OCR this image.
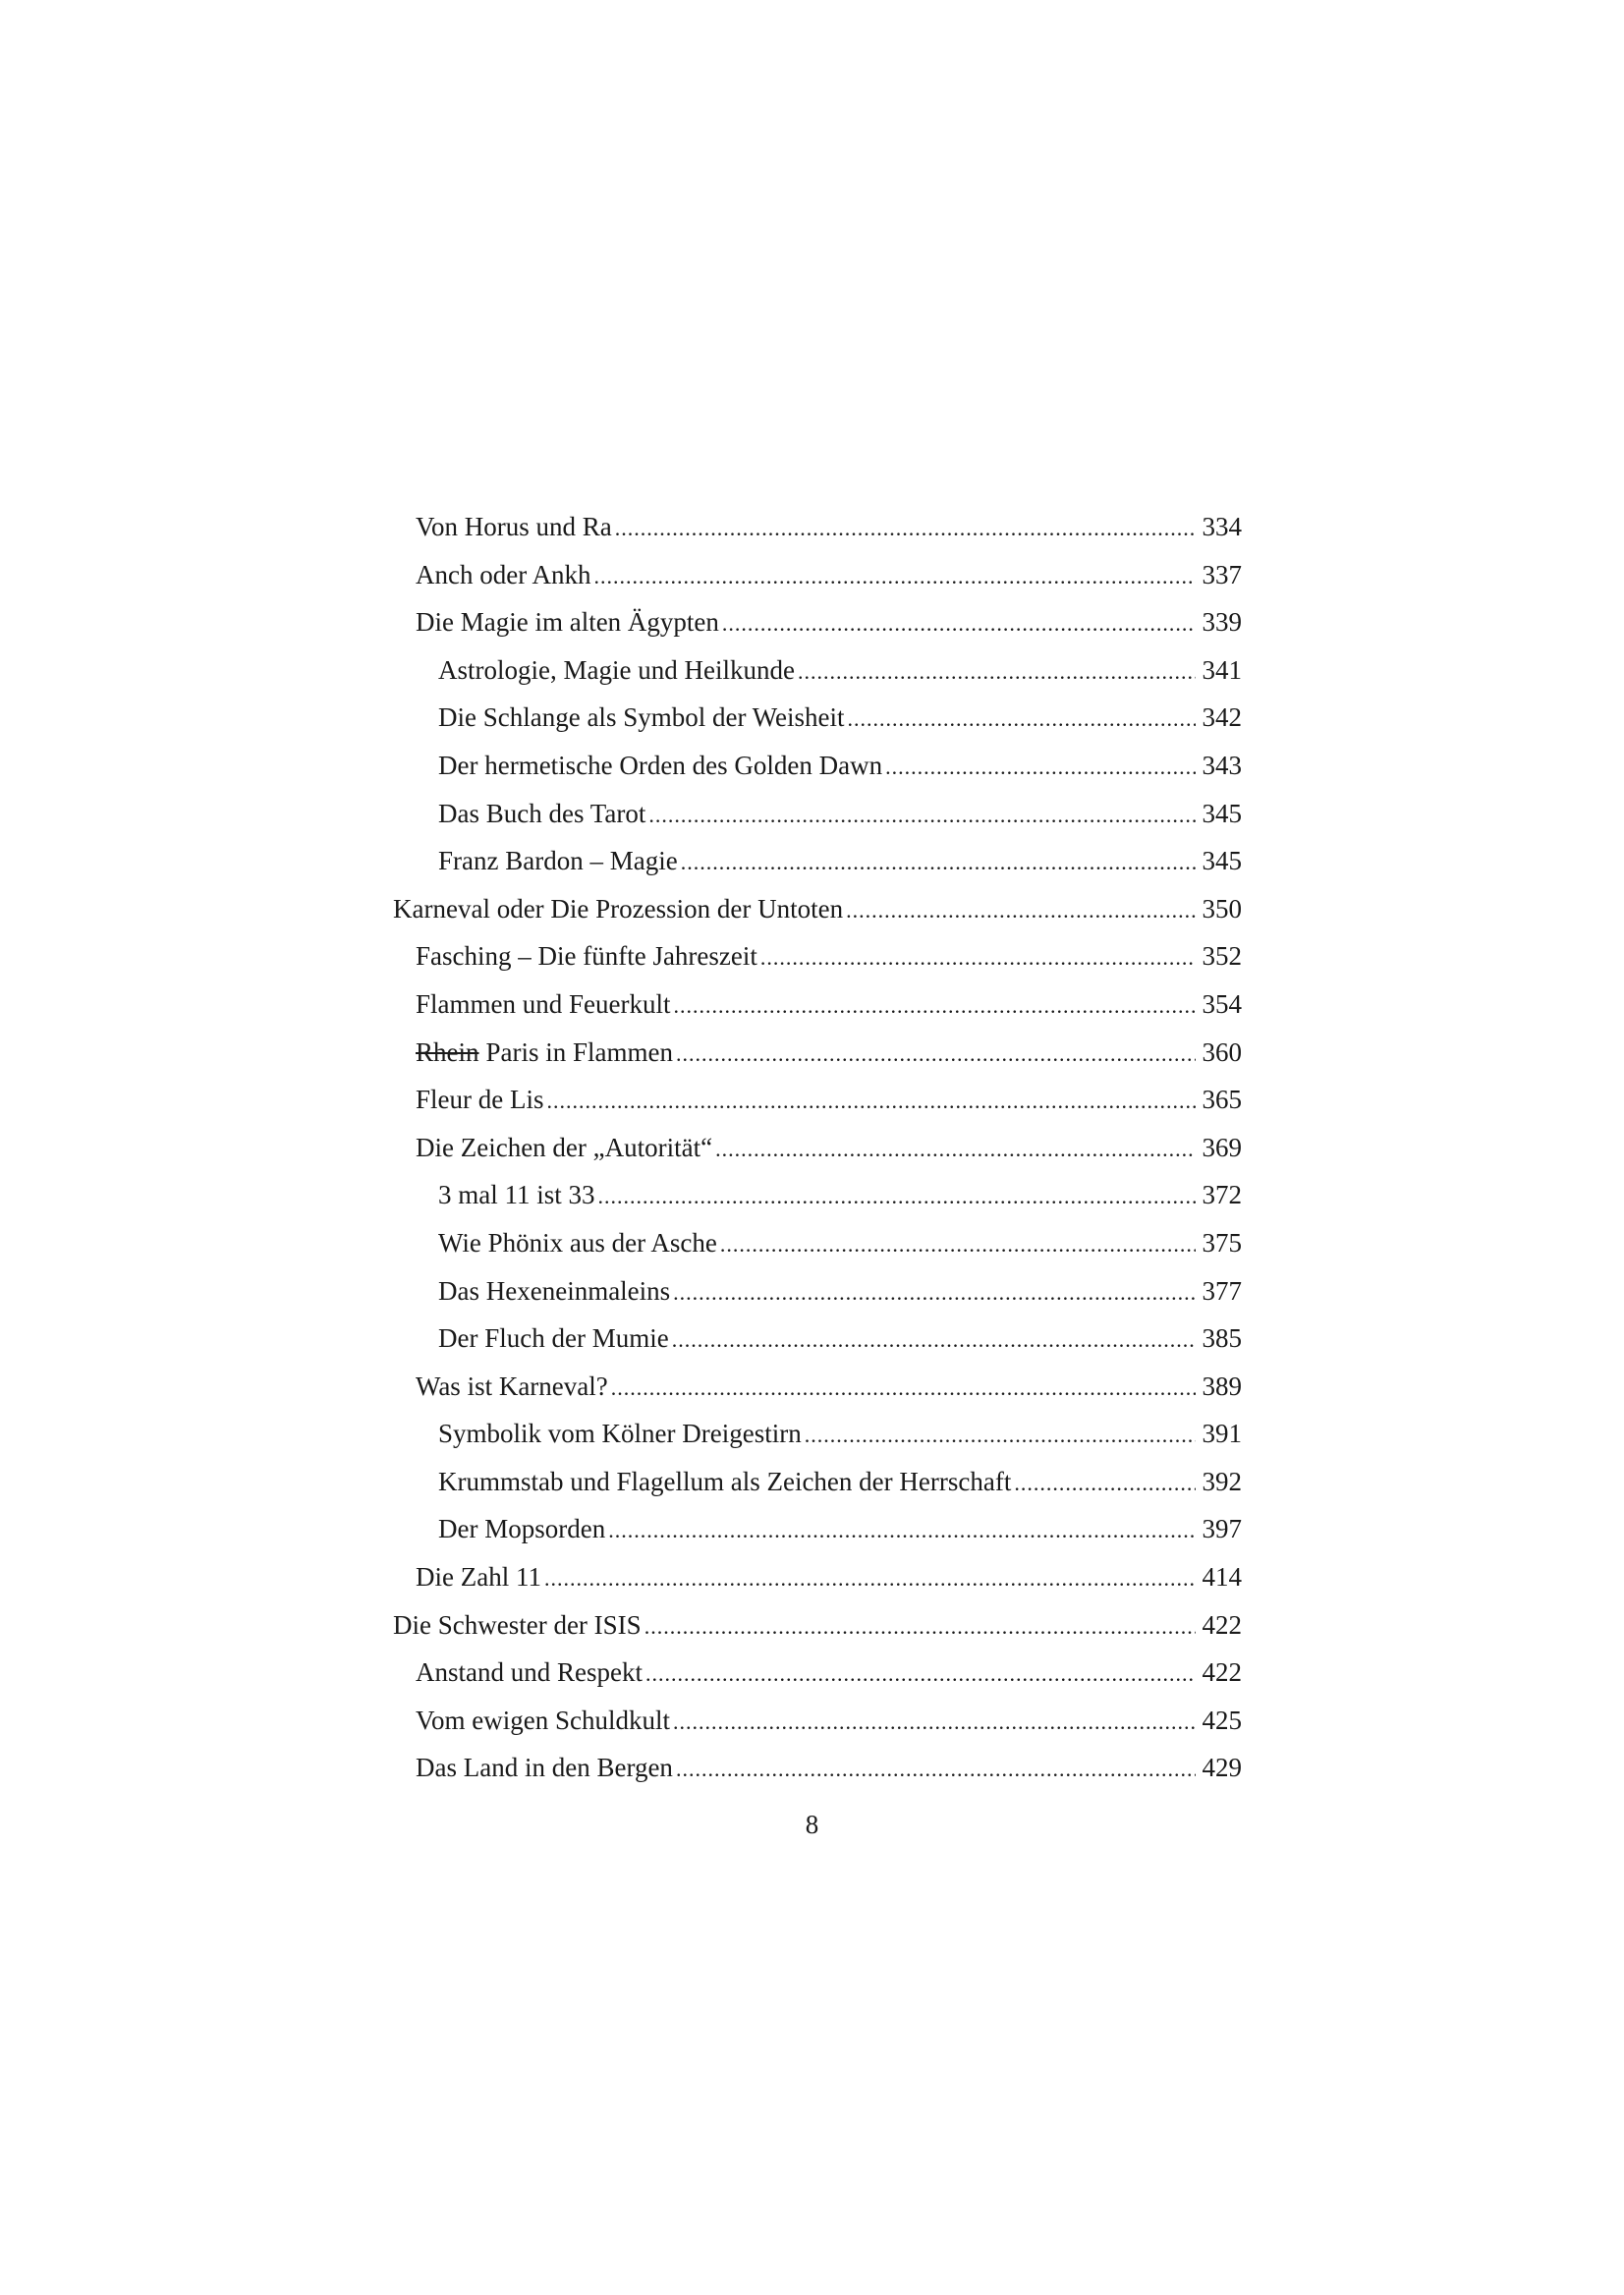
Von Horus und Ra .....	334
Anch oder Ankh .....	337
Die Magie im alten Ägypten .....	339
Astrologie, Magie und Heilkunde .....	341
Die Schlange als Symbol der Weisheit .....	342
Der hermetische Orden des Golden Dawn .....	343
Das Buch des Tarot .....	345
Franz Bardon – Magie .....	345
Karneval oder Die Prozession der Untoten .....	350
Fasching – Die fünfte Jahreszeit .....	352
Flammen und Feuerkult .....	354
Rhein Paris in Flammen .....	360
Fleur de Lis .....	365
Die Zeichen der „Autorität“ .....	369
3 mal 11 ist 33 .....	372
Wie Phönix aus der Asche .....	375
Das Hexeneinmaleins .....	377
Der Fluch der Mumie .....	385
Was ist Karneval? .....	389
Symbolik vom Kölner Dreigestirn .....	391
Krummstab und Flagellum als Zeichen der Herrschaft .....	392
Der Mopsorden .....	397
Die Zahl 11 .....	414
Die Schwester der ISIS .....	422
Anstand und Respekt .....	422
Vom ewigen Schuldkult .....	425
Das Land in den Bergen .....	429
8
